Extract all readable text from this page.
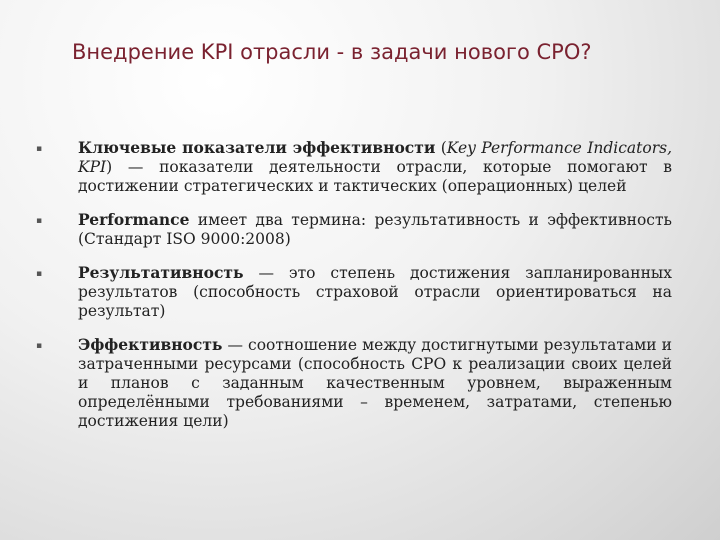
Внедрение KPI отрасли - в задачи нового СРО?
▪	Ключевые показатели эффективности (Key Performance Indicators, KPI) — показатели деятельности отрасли, которые помогают в достижении стратегических и тактических (операционных) целей
▪	Performance имеет два термина: результативность и эффективность (Стандарт ISO 9000:2008)
▪	Результативность — это степень достижения запланированных результатов (способность страховой отрасли ориентироваться на результат)
▪	Эффективность — соотношение между достигнутыми результатами и затраченными ресурсами (способность СРО к реализации своих целей и планов с заданным качественным уровнем, выраженным определёнными требованиями – временем, затратами, степенью достижения цели)
